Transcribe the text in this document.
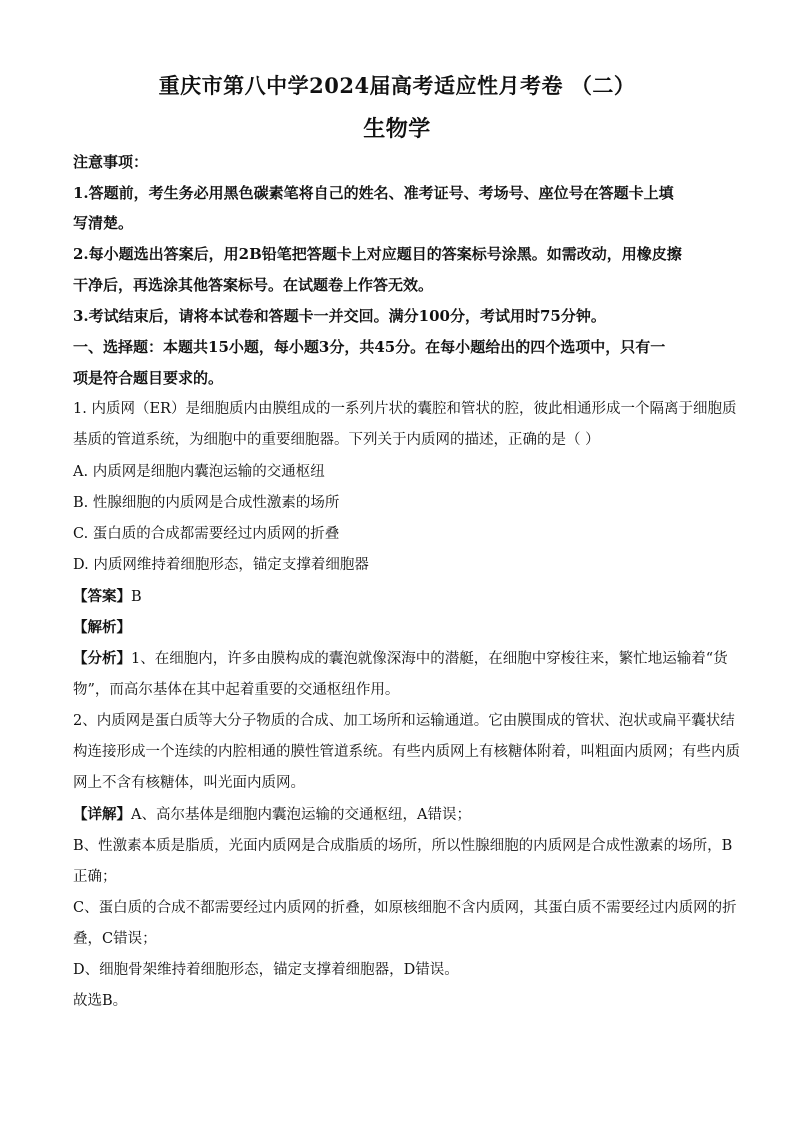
重庆市第八中学2024届高考适应性月考卷 （二）
生物学
注意事项：
1.答题前，考生务必用黑色碳素笔将自己的姓名、准考证号、考场号、座位号在答题卡上填
写清楚。
2.每小题选出答案后，用2B铅笔把答题卡上对应题目的答案标号涂黑。如需改动，用橡皮擦
干净后，再选涂其他答案标号。在试题卷上作答无效。
3.考试结束后，请将本试卷和答题卡一并交回。满分100分，考试用时75分钟。
一、选择题：本题共15小题，每小题3分，共45分。在每小题给出的四个选项中，只有一
项是符合题目要求的。
1. 内质网（ER）是细胞质内由膜组成的一系列片状的囊腔和管状的腔，彼此相通形成一个隔离于细胞质
基质的管道系统，为细胞中的重要细胞器。下列关于内质网的描述，正确的是（ ）
A. 内质网是细胞内囊泡运输的交通枢纽
B. 性腺细胞的内质网是合成性激素的场所
C. 蛋白质的合成都需要经过内质网的折叠
D. 内质网维持着细胞形态，锚定支撑着细胞器
【答案】B
【解析】
【分析】1、在细胞内，许多由膜构成的囊泡就像深海中的潜艇，在细胞中穿梭往来，繁忙地运输着“货
物”，而高尔基体在其中起着重要的交通枢纽作用。
2、内质网是蛋白质等大分子物质的合成、加工场所和运输通道。它由膜围成的管状、泡状或扁平囊状结
构连接形成一个连续的内腔相通的膜性管道系统。有些内质网上有核糖体附着，叫粗面内质网；有些内质
网上不含有核糖体，叫光面内质网。
【详解】A、高尔基体是细胞内囊泡运输的交通枢纽，A错误；
B、性激素本质是脂质，光面内质网是合成脂质的场所，所以性腺细胞的内质网是合成性激素的场所，B
正确；
C、蛋白质的合成不都需要经过内质网的折叠，如原核细胞不含内质网，其蛋白质不需要经过内质网的折
叠，C错误；
D、细胞骨架维持着细胞形态，锚定支撑着细胞器，D错误。
故选B。
